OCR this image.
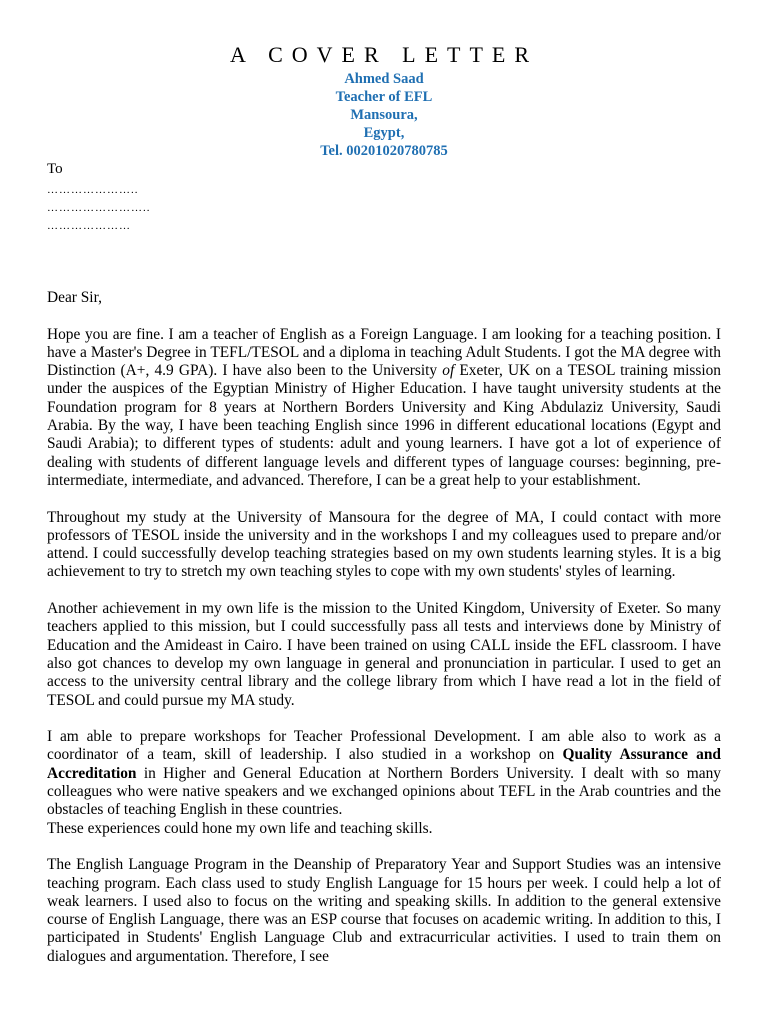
A COVER LETTER
Ahmed Saad
Teacher of EFL
Mansoura,
Egypt,
Tel. 00201020780785
To
…………………..
……………………..
…………………

Dear Sir,

Hope you are fine. I am a teacher of English as a Foreign Language. I am looking for a teaching position. I have a Master's Degree in TEFL/TESOL and a diploma in teaching Adult Students. I got the MA degree with Distinction (A+, 4.9 GPA). I have also been to the University of Exeter, UK on a TESOL training mission under the auspices of the Egyptian Ministry of Higher Education. I have taught university students at the Foundation program for 8 years at Northern Borders University and King Abdulaziz University, Saudi Arabia. By the way, I have been teaching English since 1996 in different educational locations (Egypt and Saudi Arabia); to different types of students: adult and young learners. I have got a lot of experience of dealing with students of different language levels and different types of language courses: beginning, pre-intermediate, intermediate, and advanced. Therefore, I can be a great help to your establishment.

Throughout my study at the University of Mansoura for the degree of MA, I could contact with more professors of TESOL inside the university and in the workshops I and my colleagues used to prepare and/or attend. I could successfully develop teaching strategies based on my own students learning styles. It is a big achievement to try to stretch my own teaching styles to cope with my own students' styles of learning.

Another achievement in my own life is the mission to the United Kingdom, University of Exeter. So many teachers applied to this mission, but I could successfully pass all tests and interviews done by Ministry of Education and the Amideast in Cairo. I have been trained on using CALL inside the EFL classroom. I have also got chances to develop my own language in general and pronunciation in particular. I used to get an access to the university central library and the college library from which I have read a lot in the field of TESOL and could pursue my MA study.

I am able to prepare workshops for Teacher Professional Development. I am able also to work as a coordinator of a team, skill of leadership. I also studied in a workshop on Quality Assurance and Accreditation in Higher and General Education at Northern Borders University. I dealt with so many colleagues who were native speakers and we exchanged opinions about TEFL in the Arab countries and the obstacles of teaching English in these countries.

These experiences could hone my own life and teaching skills.

The English Language Program in the Deanship of Preparatory Year and Support Studies was an intensive teaching program. Each class used to study English Language for 15 hours per week. I could help a lot of weak learners. I used also to focus on the writing and speaking skills. In addition to the general extensive course of English Language, there was an ESP course that focuses on academic writing. In addition to this, I participated in Students' English Language Club and extracurricular activities. I used to train them on dialogues and argumentation. Therefore, I see
